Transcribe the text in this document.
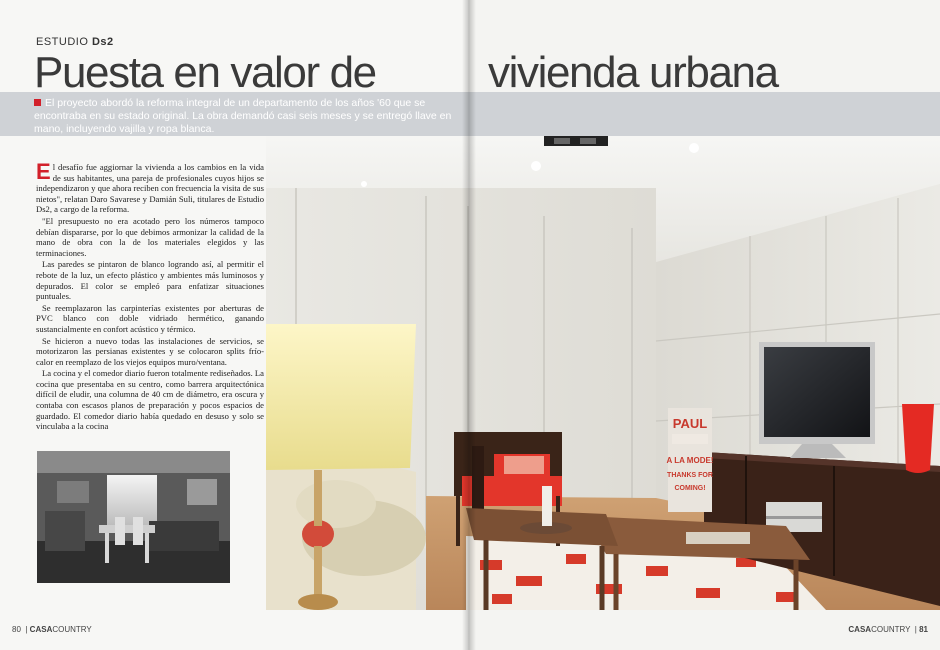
ESTUDIO Ds2
Puesta en valor de	vivienda urbana
El proyecto abordó la reforma integral de un departamento de los años '60 que se encontraba en su estado original. La obra demandó casi seis meses y se entregó llave en mano, incluyendo vajilla y ropa blanca.

El desafío fue aggiornar la vivienda a los cambios en la vida de sus habitantes, una pareja de profesionales cuyos hijos se independizaron y que ahora reciben con frecuencia la visita de sus nietos", relatan Daro Savarese y Damián Suli, titulares de Estudio Ds2, a cargo de la reforma.

"El presupuesto no era acotado pero los números tampoco debían dispararse, por lo que debimos armonizar la calidad de la mano de obra con la de los materiales elegidos y las terminaciones.

Las paredes se pintaron de blanco logrando así, al permitir el rebote de la luz, un efecto plástico y ambientes más luminosos y depurados. El color se empleó para enfatizar situaciones puntuales.

Se reemplazaron las carpinterías existentes por aberturas de PVC blanco con doble vidriado hermético, ganando sustancialmente en confort acústico y térmico.

Se hicieron a nuevo todas las instalaciones de servicios, se motorizaron las persianas existentes y se colocaron splits frío-calor en reemplazo de los viejos equipos muro/ventana.

La cocina y el comedor diario fueron totalmente rediseñados. La cocina que presentaba en su centro, como barrera arquitectónica difícil de eludir, una columna de 40 cm de diámetro, era oscura y contaba con escasos planos de preparación y pocos espacios de guardado. El comedor diario había quedado en desuso y solo se vinculaba a la cocina	PAUL
A LA MODE!
THANKS FOR
COMING!
80  | CASACOUNTRY	CASACOUNTRY  | 81
